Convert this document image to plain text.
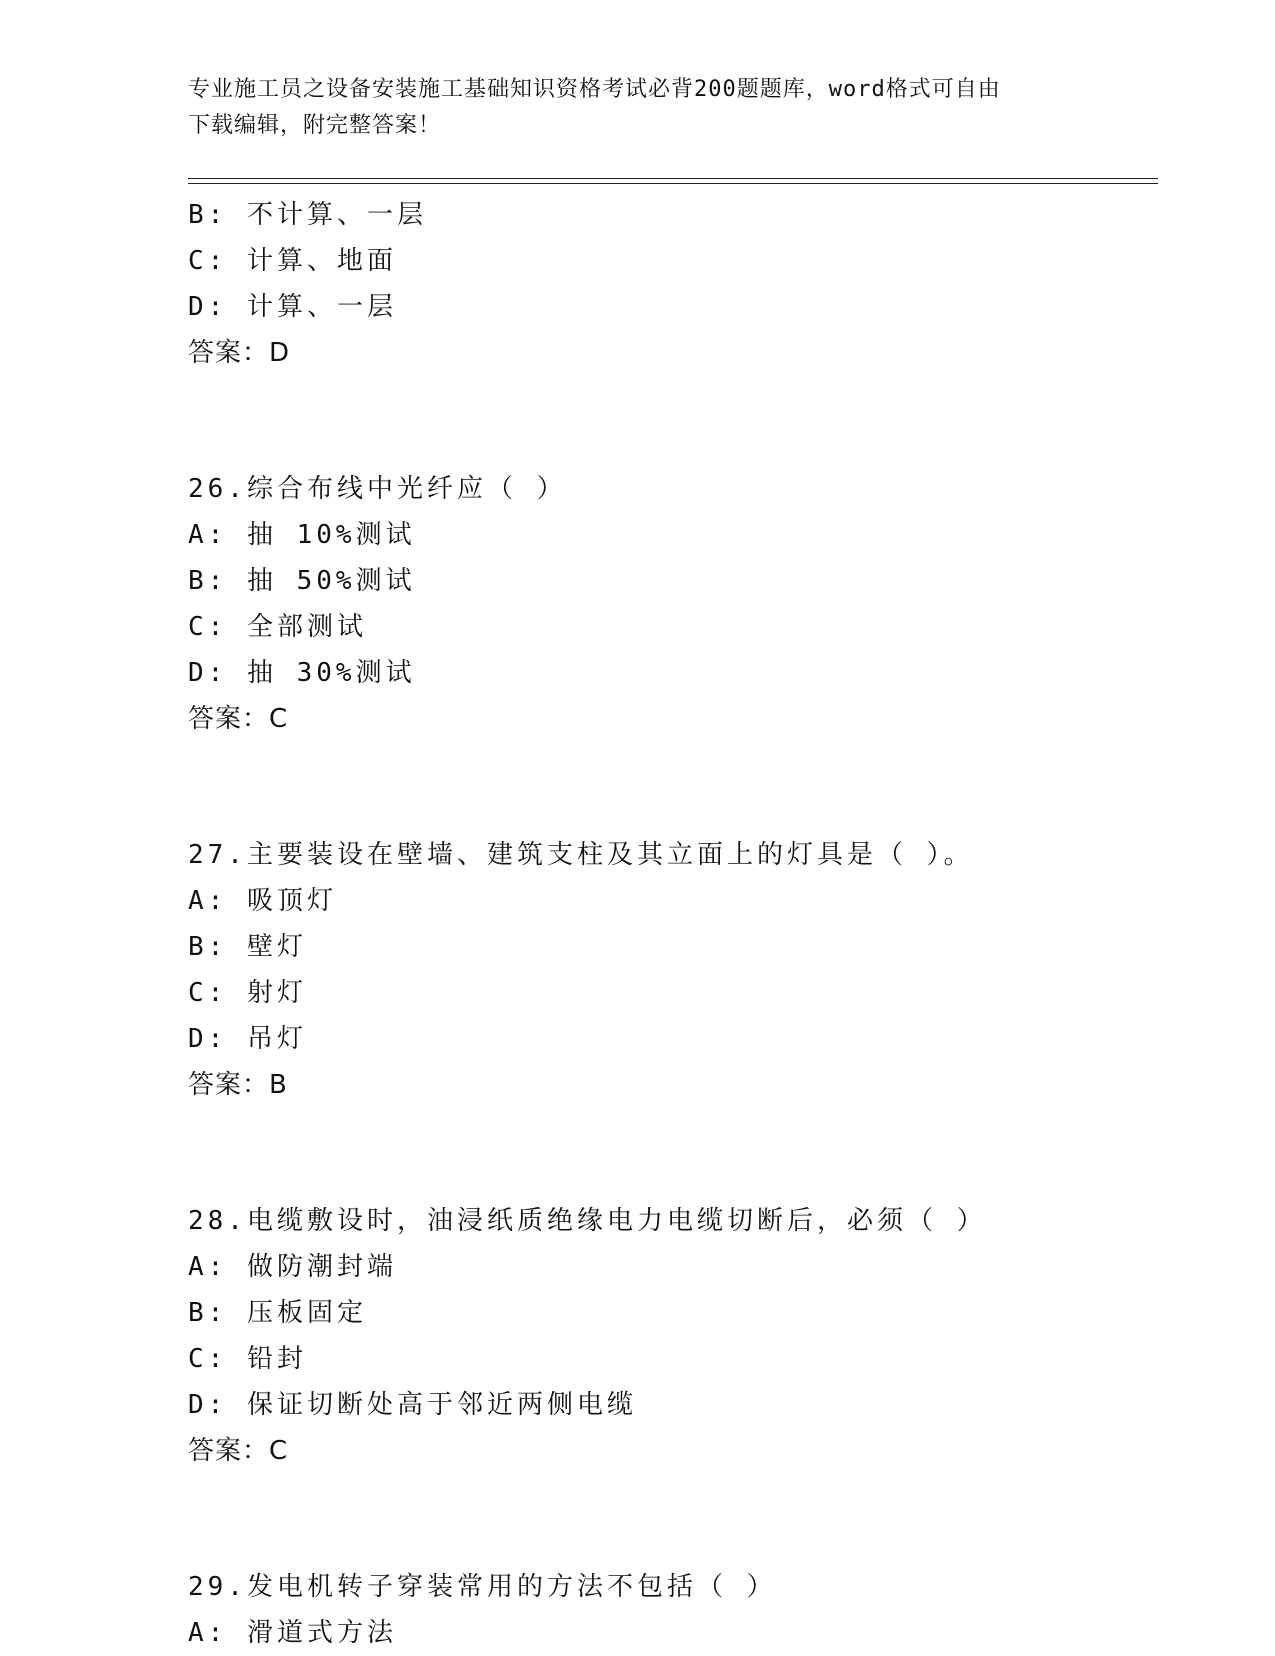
专业施工员之设备安装施工基础知识资格考试必背200题题库，word格式可自由
下载编辑，附完整答案！
B: 不计算、一层
C: 计算、地面
D: 计算、一层
答案：D
26.综合布线中光纤应（ ）
A: 抽 10%测试
B: 抽 50%测试
C: 全部测试
D: 抽 30%测试
答案：C
27.主要装设在壁墙、建筑支柱及其立面上的灯具是（ ）。
A: 吸顶灯
B: 壁灯
C: 射灯
D: 吊灯
答案：B
28.电缆敷设时，油浸纸质绝缘电力电缆切断后，必须（ ）
A: 做防潮封端
B: 压板固定
C: 铅封
D: 保证切断处高于邻近两侧电缆
答案：C
29.发电机转子穿装常用的方法不包括（ ）
A: 滑道式方法
